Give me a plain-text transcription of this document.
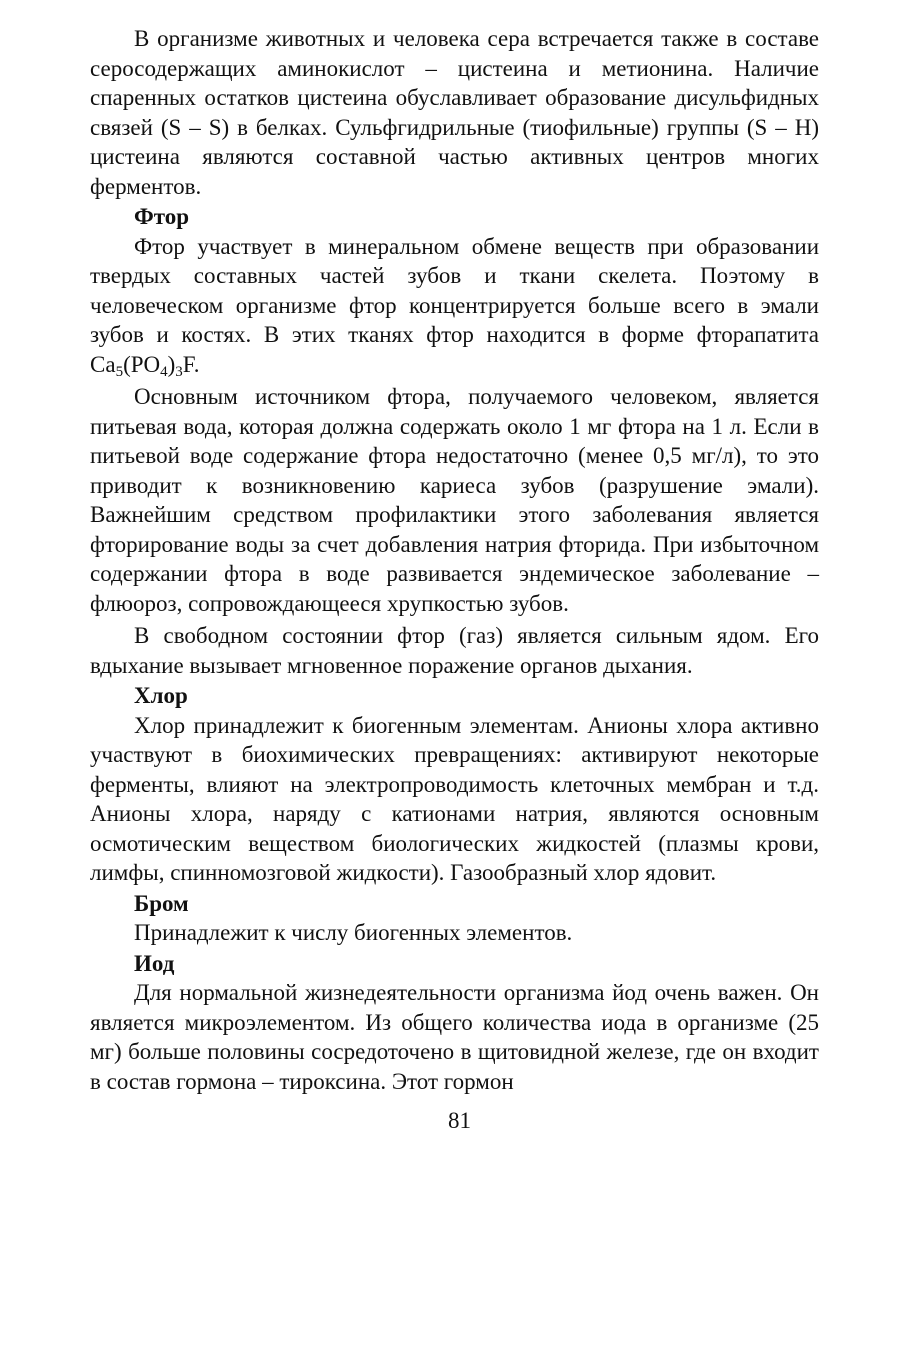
В организме животных и человека сера встречается также в составе серосодержащих аминокислот – цистеина и метионина. Наличие спаренных остатков цистеина обуславливает образование дисульфидных связей (S – S) в белках. Сульфгидрильные (тиофильные) группы (S – H) цистеина являются составной частью активных центров многих ферментов.

Фтор

Фтор участвует в минеральном обмене веществ при образовании твердых составных частей зубов и ткани скелета. Поэтому в человеческом организме фтор концентрируется больше всего в эмали зубов и костях. В этих тканях фтор находится в форме фторапатита $Ca_5(PO_4)_3F$.

Основным источником фтора, получаемого человеком, является питьевая вода, которая должна содержать около 1 мг фтора на 1 л. Если в питьевой воде содержание фтора недостаточно (менее 0,5 мг/л), то это приводит к возникновению кариеса зубов (разрушение эмали). Важнейшим средством профилактики этого заболевания является фторирование воды за счет добавления натрия фторида. При избыточном содержании фтора в воде развивается эндемическое заболевание – флюороз, сопровождающееся хрупкостью зубов.

В свободном состоянии фтор (газ) является сильным ядом. Его вдыхание вызывает мгновенное поражение органов дыхания.

Хлор

Хлор принадлежит к биогенным элементам. Анионы хлора активно участвуют в биохимических превращениях: активируют некоторые ферменты, влияют на электропроводимость клеточных мембран и т.д. Анионы хлора, наряду с катионами натрия, являются основным осмотическим веществом биологических жидкостей (плазмы крови, лимфы, спинномозговой жидкости). Газообразный хлор ядовит.

Бром

Принадлежит к числу биогенных элементов.

Иод

Для нормальной жизнедеятельности организма йод очень важен. Он является микроэлементом. Из общего количества иода в организме (25 мг) больше половины сосредоточено в щитовидной железе, где он входит в состав гормона – тироксина. Этот гормон

81
